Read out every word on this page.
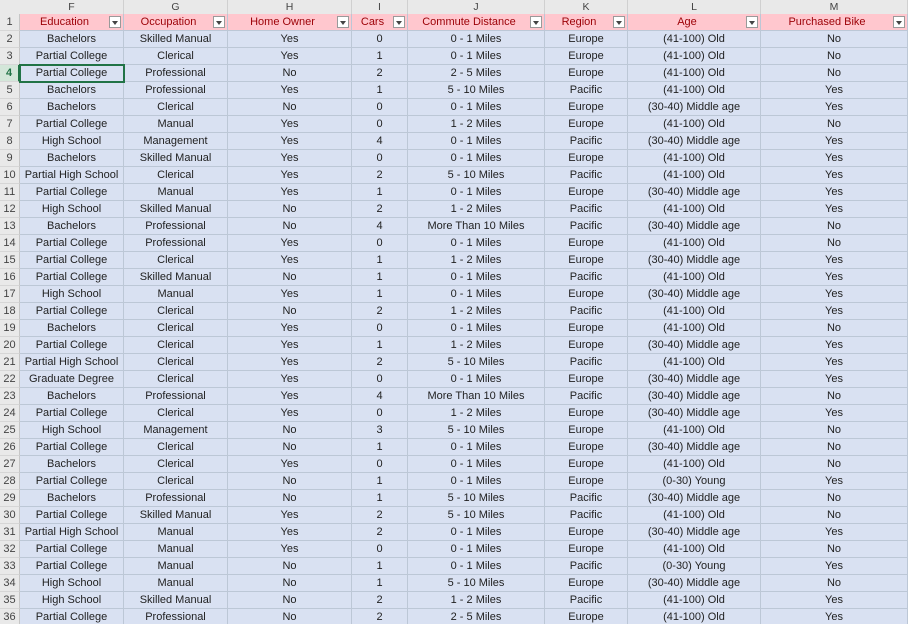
F	G	H	I	J	K	L	M
1
2
3
4
5
6
7
8
9
10
11
12
13
14
15
16
17
18
19
20
21
22
23
24
25
26
27
28
29
30
31
32
33
34
35
36
Education	Occupation	Home Owner	Cars	Commute Distance	Region	Age	Purchased Bike
Bachelors	Skilled Manual	Yes	0	0 - 1 Miles	Europe	(41-100) Old	No
Partial College	Clerical	Yes	1	0 - 1 Miles	Europe	(41-100) Old	No
Partial College	Professional	No	2	2 - 5 Miles	Europe	(41-100) Old	No
Bachelors	Professional	Yes	1	5 - 10 Miles	Pacific	(41-100) Old	Yes
Bachelors	Clerical	No	0	0 - 1 Miles	Europe	(30-40) Middle age	Yes
Partial College	Manual	Yes	0	1 - 2 Miles	Europe	(41-100) Old	No
High School	Management	Yes	4	0 - 1 Miles	Pacific	(30-40) Middle age	Yes
Bachelors	Skilled Manual	Yes	0	0 - 1 Miles	Europe	(41-100) Old	Yes
Partial High School	Clerical	Yes	2	5 - 10 Miles	Pacific	(41-100) Old	Yes
Partial College	Manual	Yes	1	0 - 1 Miles	Europe	(30-40) Middle age	Yes
High School	Skilled Manual	No	2	1 - 2 Miles	Pacific	(41-100) Old	Yes
Bachelors	Professional	No	4	More Than 10 Miles	Pacific	(30-40) Middle age	No
Partial College	Professional	Yes	0	0 - 1 Miles	Europe	(41-100) Old	No
Partial College	Clerical	Yes	1	1 - 2 Miles	Europe	(30-40) Middle age	Yes
Partial College	Skilled Manual	No	1	0 - 1 Miles	Pacific	(41-100) Old	Yes
High School	Manual	Yes	1	0 - 1 Miles	Europe	(30-40) Middle age	Yes
Partial College	Clerical	No	2	1 - 2 Miles	Pacific	(41-100) Old	Yes
Bachelors	Clerical	Yes	0	0 - 1 Miles	Europe	(41-100) Old	No
Partial College	Clerical	Yes	1	1 - 2 Miles	Europe	(30-40) Middle age	Yes
Partial High School	Clerical	Yes	2	5 - 10 Miles	Pacific	(41-100) Old	Yes
Graduate Degree	Clerical	Yes	0	0 - 1 Miles	Europe	(30-40) Middle age	Yes
Bachelors	Professional	Yes	4	More Than 10 Miles	Pacific	(30-40) Middle age	No
Partial College	Clerical	Yes	0	1 - 2 Miles	Europe	(30-40) Middle age	Yes
High School	Management	No	3	5 - 10 Miles	Europe	(41-100) Old	No
Partial College	Clerical	No	1	0 - 1 Miles	Europe	(30-40) Middle age	No
Bachelors	Clerical	Yes	0	0 - 1 Miles	Europe	(41-100) Old	No
Partial College	Clerical	No	1	0 - 1 Miles	Europe	(0-30) Young	Yes
Bachelors	Professional	No	1	5 - 10 Miles	Pacific	(30-40) Middle age	No
Partial College	Skilled Manual	Yes	2	5 - 10 Miles	Pacific	(41-100) Old	No
Partial High School	Manual	Yes	2	0 - 1 Miles	Europe	(30-40) Middle age	Yes
Partial College	Manual	Yes	0	0 - 1 Miles	Europe	(41-100) Old	No
Partial College	Manual	No	1	0 - 1 Miles	Pacific	(0-30) Young	Yes
High School	Manual	No	1	5 - 10 Miles	Europe	(30-40) Middle age	No
High School	Skilled Manual	No	2	1 - 2 Miles	Pacific	(41-100) Old	Yes
Partial College	Professional	No	2	2 - 5 Miles	Europe	(41-100) Old	Yes
